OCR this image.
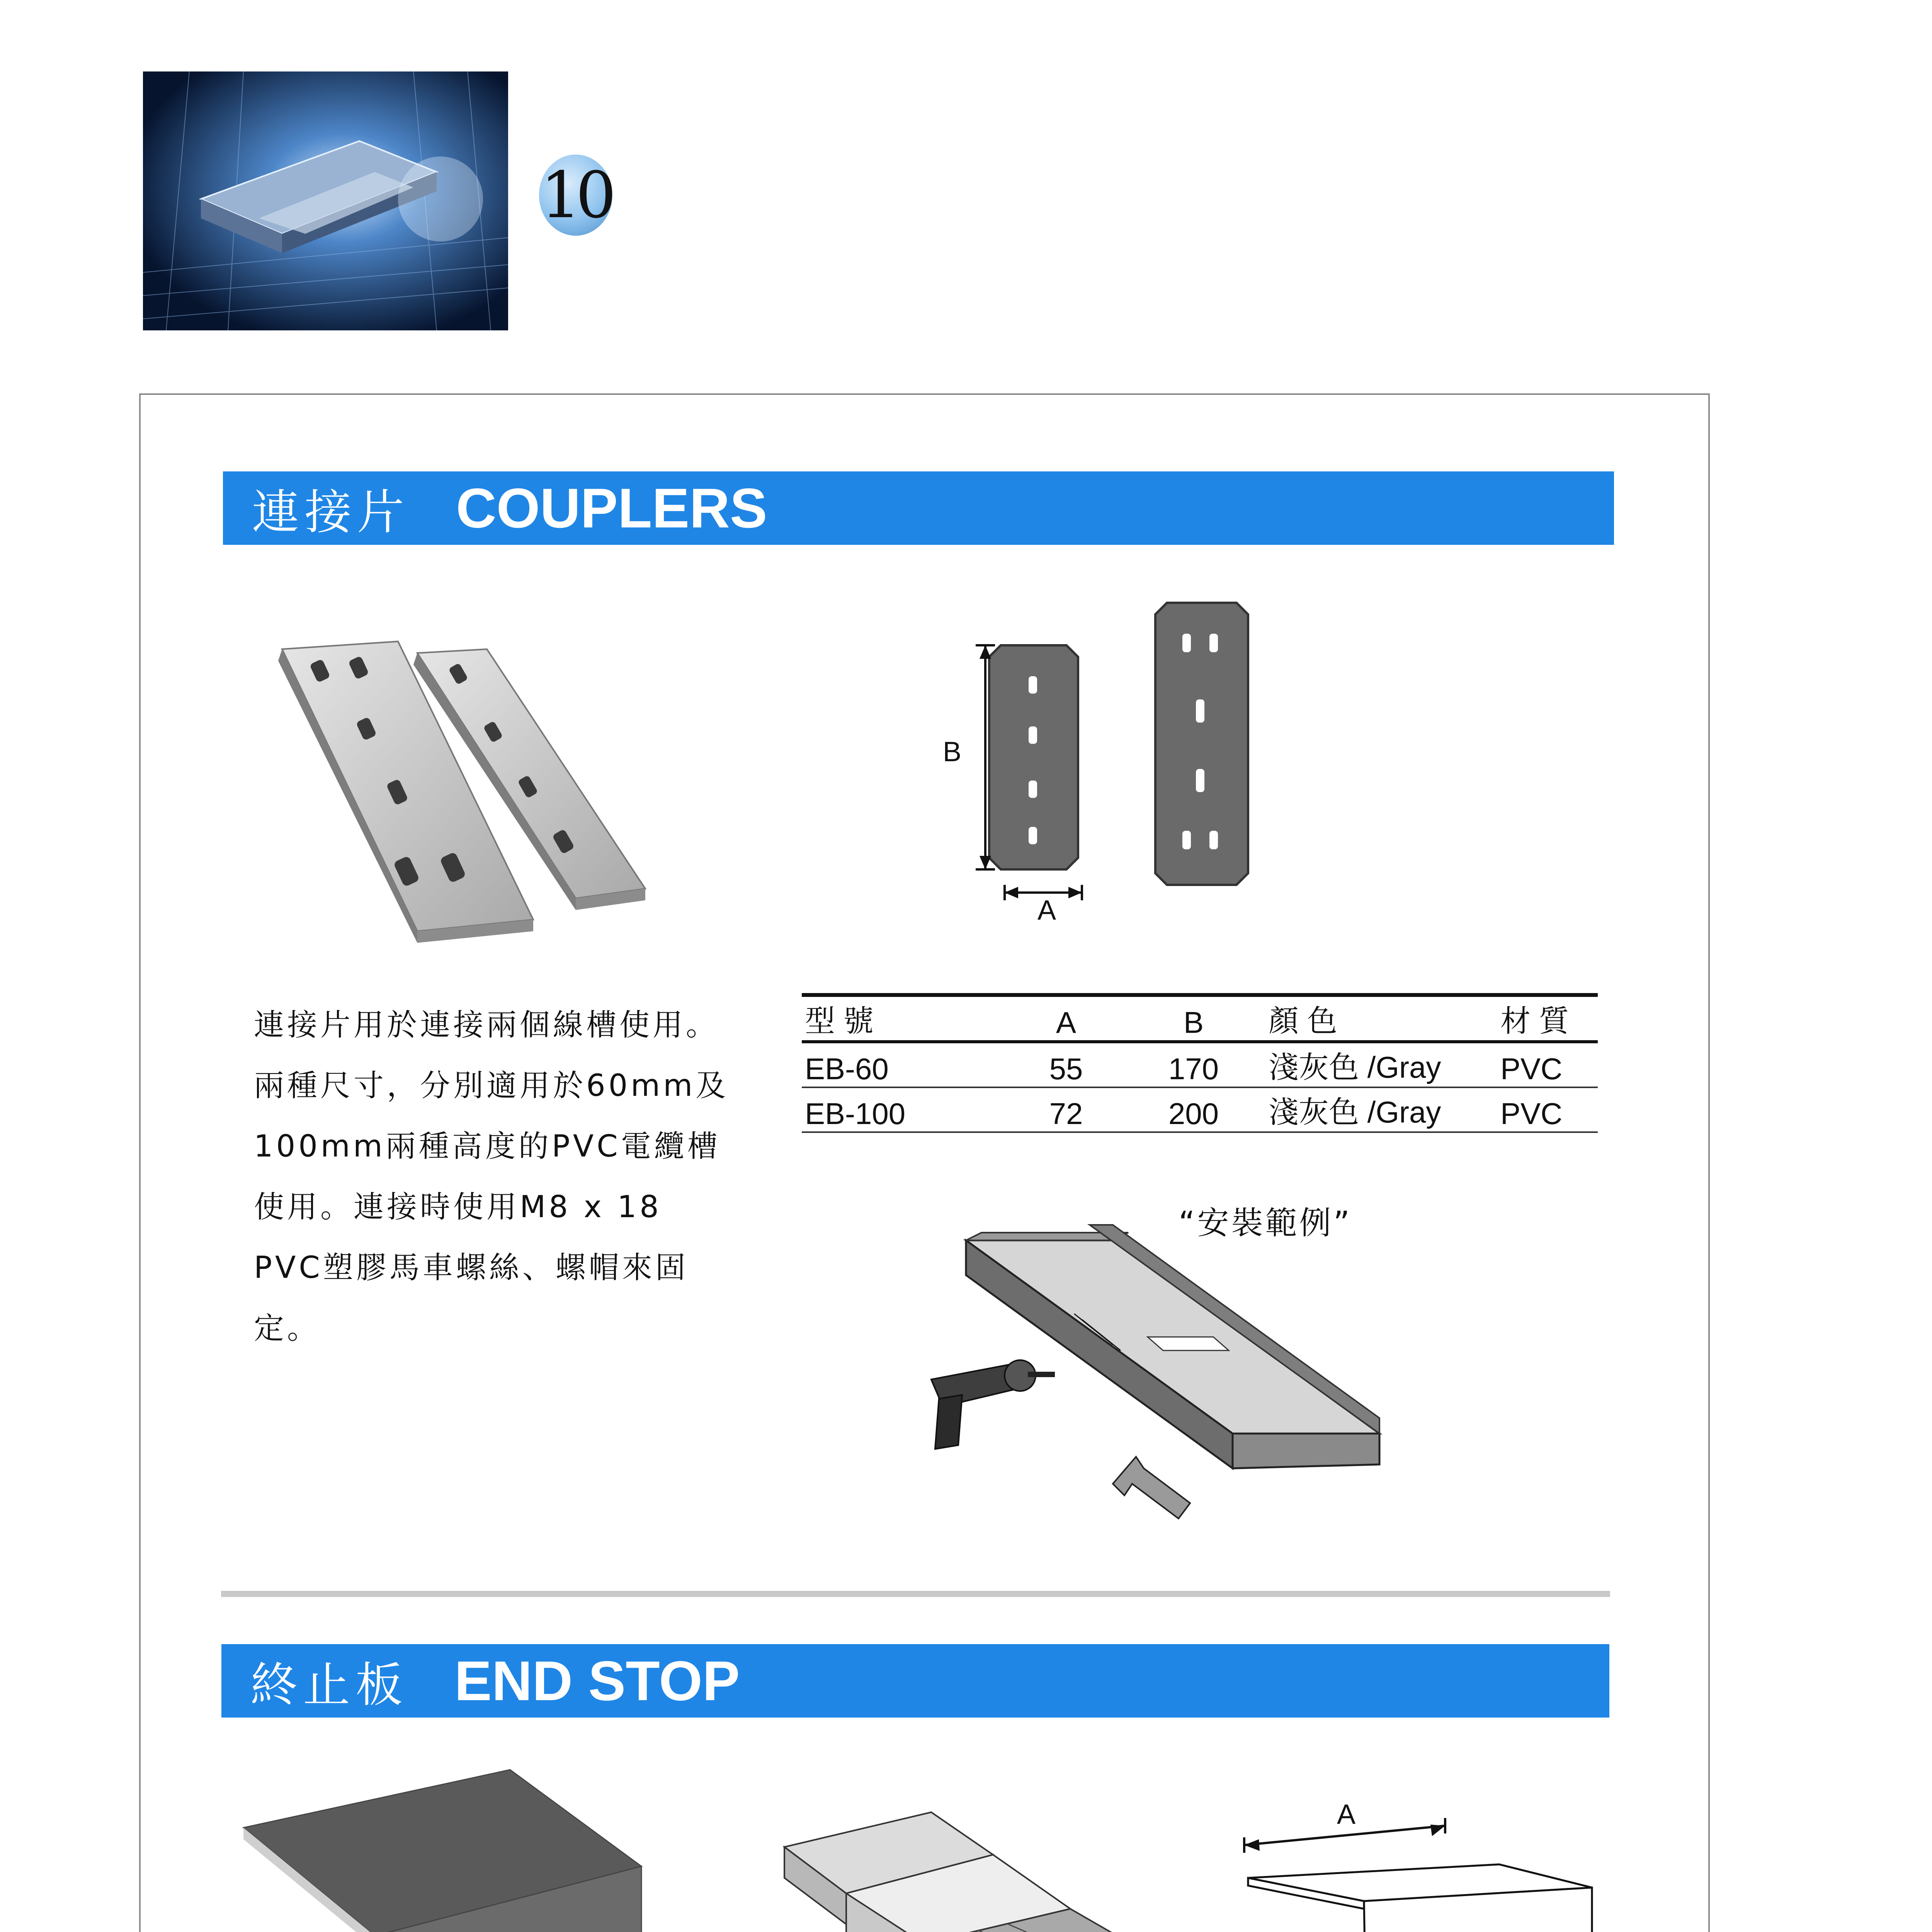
10
連接片 COUPLERS
B
A
連接片用於連接兩個線槽使用。
兩種尺寸，分別適用於60mm及
100mm兩種高度的PVC電纜槽
使用。連接時使用M8 x 18
PVC塑膠馬車螺絲、螺帽來固
定。
型 號	A	B	顏 色	材 質
EB-60	55	170	淺灰色 /Gray	PVC
EB-100	72	200	淺灰色 /Gray	PVC
“安裝範例”
終止板 END STOP
A
